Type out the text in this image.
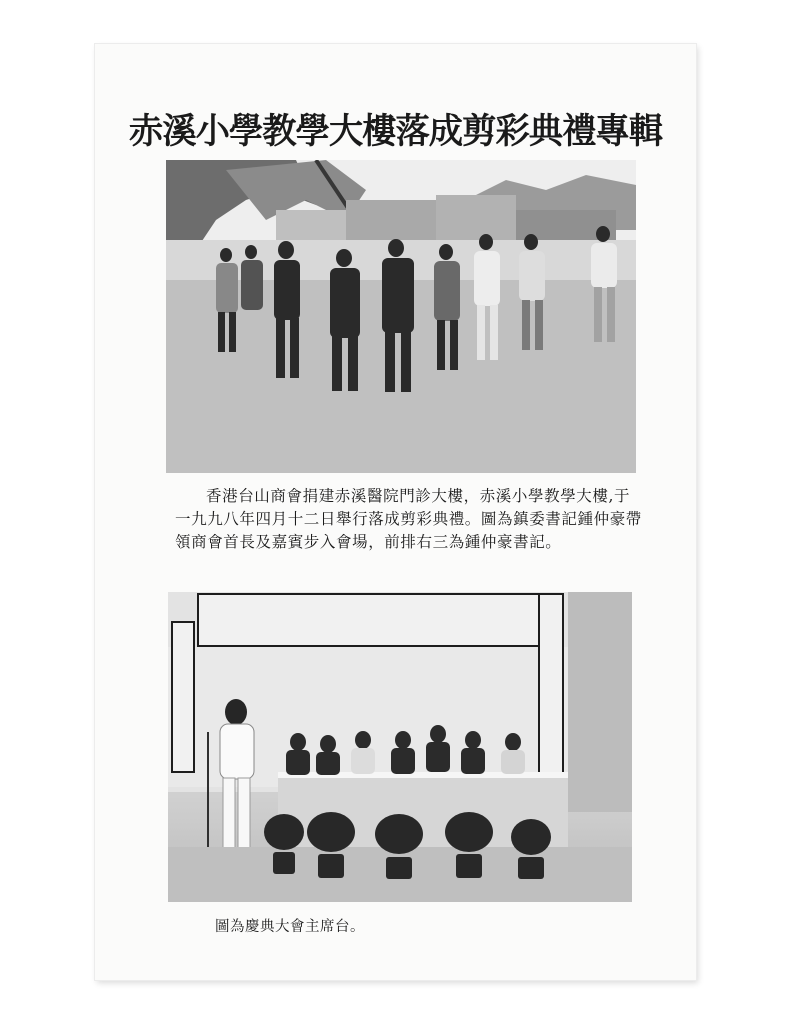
赤溪小學教學大樓落成剪彩典禮專輯
香港台山商會捐建赤溪醫院門診大樓，赤溪小學教學大樓,于一九九八年四月十二日舉行落成剪彩典禮。圖為鎮委書記鍾仲豪帶領商會首長及嘉賓步入會場，前排右三為鍾仲豪書記。
圖為慶典大會主席台。
